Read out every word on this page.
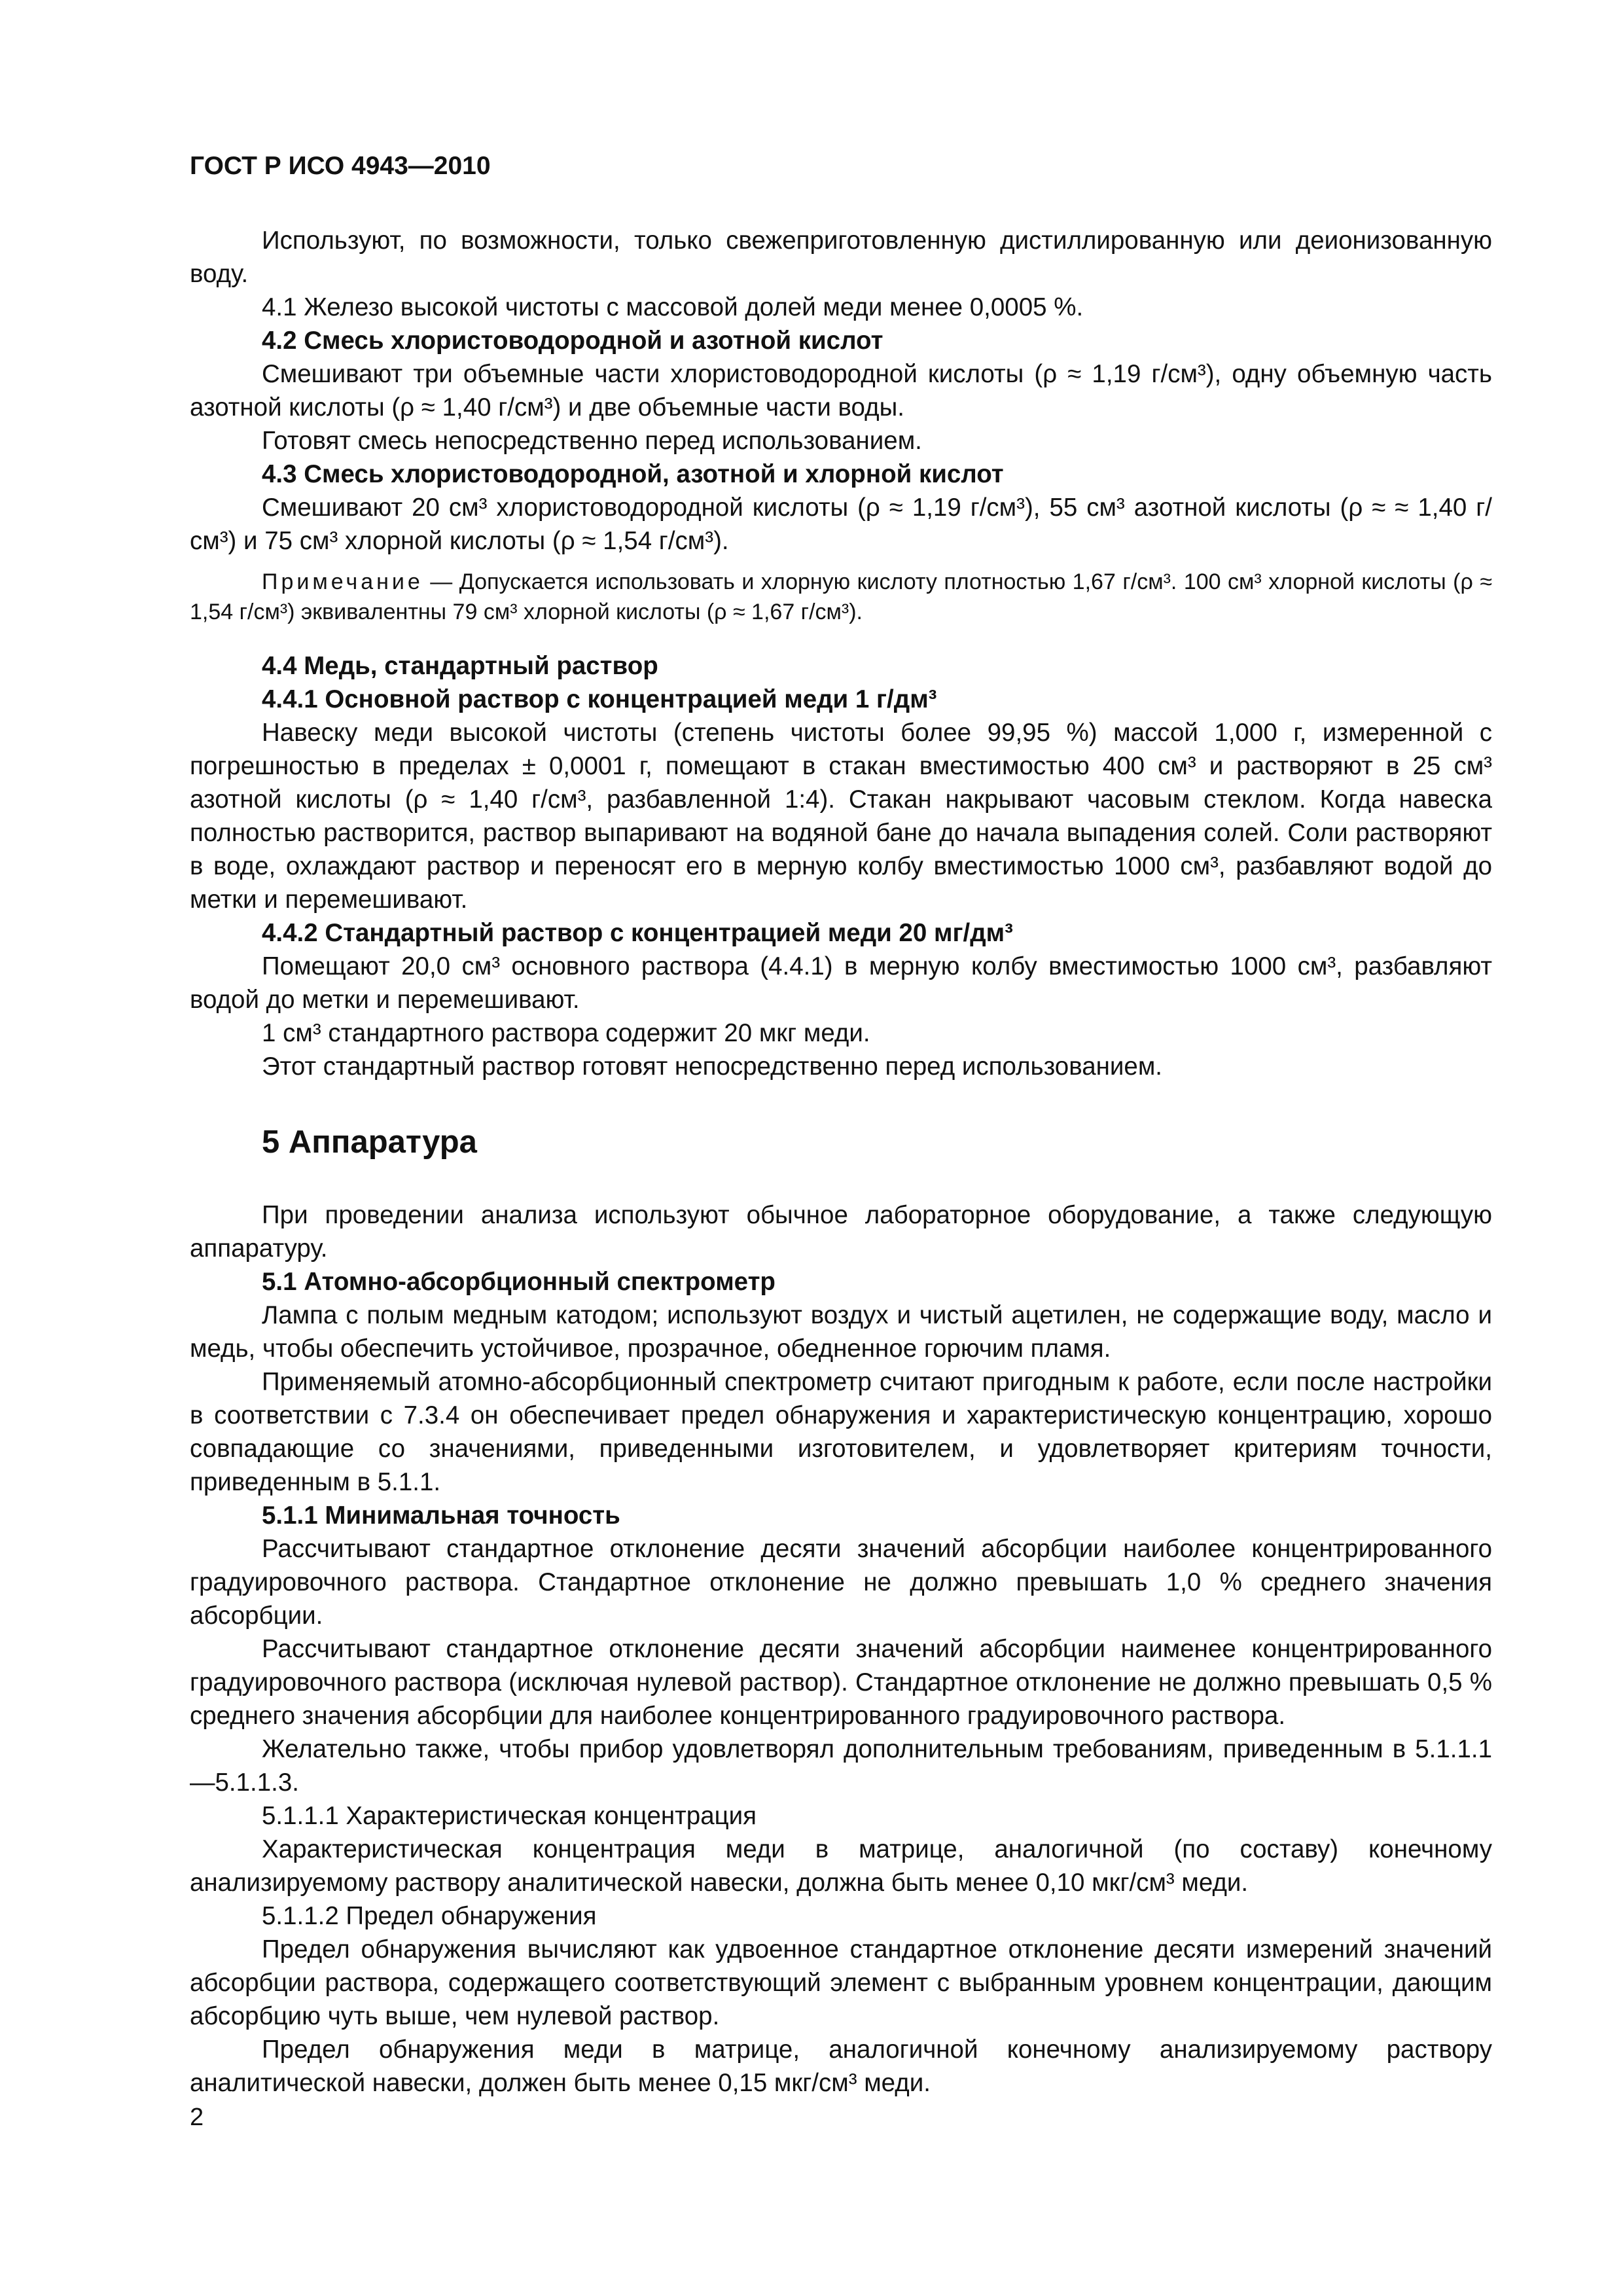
ГОСТ Р ИСО 4943—2010

Используют, по возможности, только свежеприготовленную дистиллированную или деионизованную воду.

4.1 Железо высокой чистоты с массовой долей меди менее 0,0005 %.

4.2 Смесь хлористоводородной и азотной кислот

Смешивают три объемные части хлористоводородной кислоты (ρ ≈ 1,19 г/см³), одну объемную часть азотной кислоты (ρ ≈ 1,40 г/см³) и две объемные части воды.

Готовят смесь непосредственно перед использованием.

4.3 Смесь хлористоводородной, азотной и хлорной кислот

Смешивают 20 см³ хлористоводородной кислоты (ρ ≈ 1,19 г/см³), 55 см³ азотной кислоты (ρ ≈ ≈ 1,40 г/см³) и 75 см³ хлорной кислоты (ρ ≈ 1,54 г/см³).

Примечание — Допускается использовать и хлорную кислоту плотностью 1,67 г/см³. 100 см³ хлорной кислоты (ρ ≈ 1,54 г/см³) эквивалентны 79 см³ хлорной кислоты (ρ ≈ 1,67 г/см³).

4.4 Медь, стандартный раствор

4.4.1 Основной раствор с концентрацией меди 1 г/дм³

Навеску меди высокой чистоты (степень чистоты более 99,95 %) массой 1,000 г, измеренной с погрешностью в пределах ± 0,0001 г, помещают в стакан вместимостью 400 см³ и растворяют в 25 см³ азотной кислоты (ρ ≈ 1,40 г/см³, разбавленной 1:4). Стакан накрывают часовым стеклом. Когда навеска полностью растворится, раствор выпаривают на водяной бане до начала выпадения солей. Соли растворяют в воде, охлаждают раствор и переносят его в мерную колбу вместимостью 1000 см³, разбавляют водой до метки и перемешивают.

4.4.2 Стандартный раствор с концентрацией меди 20 мг/дм³

Помещают 20,0 см³ основного раствора (4.4.1) в мерную колбу вместимостью 1000 см³, разбавляют водой до метки и перемешивают.

1 см³ стандартного раствора содержит 20 мкг меди.

Этот стандартный раствор готовят непосредственно перед использованием.

5 Аппаратура

При проведении анализа используют обычное лабораторное оборудование, а также следующую аппаратуру.

5.1 Атомно-абсорбционный спектрометр

Лампа с полым медным катодом; используют воздух и чистый ацетилен, не содержащие воду, масло и медь, чтобы обеспечить устойчивое, прозрачное, обедненное горючим пламя.

Применяемый атомно-абсорбционный спектрометр считают пригодным к работе, если после настройки в соответствии с 7.3.4 он обеспечивает предел обнаружения и характеристическую концентрацию, хорошо совпадающие со значениями, приведенными изготовителем, и удовлетворяет критериям точности, приведенным в 5.1.1.

5.1.1 Минимальная точность

Рассчитывают стандартное отклонение десяти значений абсорбции наиболее концентрированного градуировочного раствора. Стандартное отклонение не должно превышать 1,0 % среднего значения абсорбции.

Рассчитывают стандартное отклонение десяти значений абсорбции наименее концентрированного градуировочного раствора (исключая нулевой раствор). Стандартное отклонение не должно превышать 0,5 % среднего значения абсорбции для наиболее концентрированного градуировочного раствора.

Желательно также, чтобы прибор удовлетворял дополнительным требованиям, приведенным в 5.1.1.1—5.1.1.3.

5.1.1.1 Характеристическая концентрация

Характеристическая концентрация меди в матрице, аналогичной (по составу) конечному анализируемому раствору аналитической навески, должна быть менее 0,10 мкг/см³ меди.

5.1.1.2 Предел обнаружения

Предел обнаружения вычисляют как удвоенное стандартное отклонение десяти измерений значений абсорбции раствора, содержащего соответствующий элемент с выбранным уровнем концентрации, дающим абсорбцию чуть выше, чем нулевой раствор.

Предел обнаружения меди в матрице, аналогичной конечному анализируемому раствору аналитической навески, должен быть менее 0,15 мкг/см³ меди.

2
